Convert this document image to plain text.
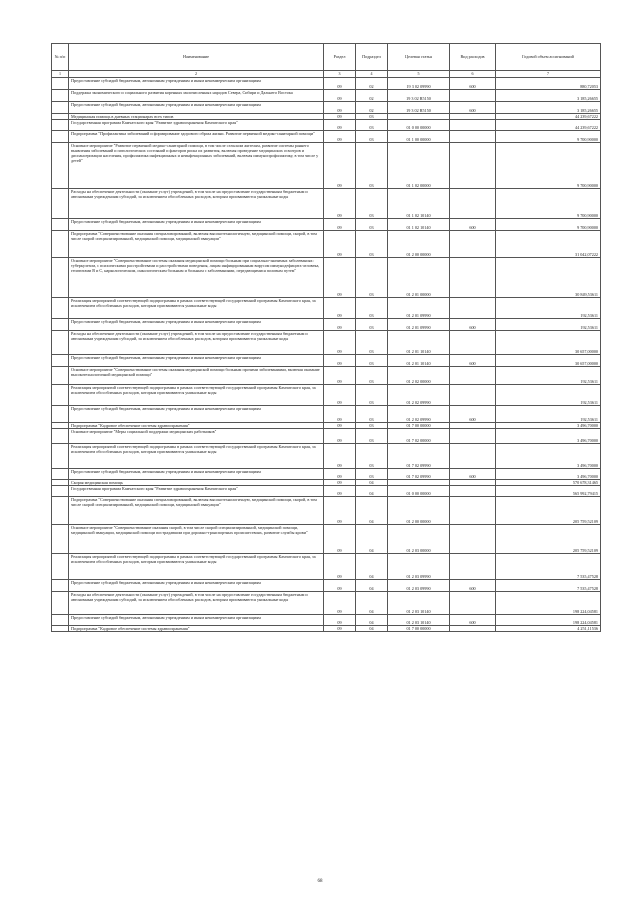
№ п/п	Наименование	Раздел	Подраздел	Целевая статья	Вид расходов	Годовой объем ассигнований
1	2	3	4	5	6	7
	Предоставление субсидий бюджетным, автономным учреждениям и иным некоммерческим организациям	09	02	19 3 02 09990	600	880,72053
	Поддержка экономического и социального развития коренных малочисленных народов Севера, Сибири и Дальнего Востока	09	02	19 3 02 R5150		3 185,26655
	Предоставление субсидий бюджетным, автономным учреждениям и иным некоммерческим организациям	09	02	19 3 02 R5150	600	3 185,26655
	Медицинская помощь в дневных стационарах всех типов	09	03			44 239,67222
	Государственная программа Камчатского края "Развитие здравоохранения Камчатского края"	09	03	01 0 00 00000		44 239,67222
	Подпрограмма "Профилактика заболеваний и формирование здорового образа жизни. Развитие первичной медико-санитарной помощи"	09	03	01 1 00 00000		9 700,90000
	Основное мероприятие "Развитие первичной медико-санитарной помощи, в том числе сельским жителям, развитие системы раннего выявления заболеваний и патологических состояний и факторов риска их развития, включая проведение медицинских осмотров и диспансеризации населения, профилактика инфекционных и неинфекционных заболеваний, включая иммунопрофилактику, в том числе у детей"	09	03	01 1 02 00000		9 700,90000
	Расходы на обеспечение деятельности (оказание услуг) учреждений, в том числе на предоставление государственным бюджетным и автономным учреждениям субсидий, за исключением обособленных расходов, которым присваиваются уникальные коды	09	03	01 1 02 10140		9 700,90000
	Предоставление субсидий бюджетным, автономным учреждениям и иным некоммерческим организациям	09	03	01 1 02 10140	600	9 700,90000
	Подпрограмма "Совершенствование оказания специализированной, включая высокотехнологичную, медицинской помощи, скорой, в том числе скорой специализированной, медицинской помощи, медицинской эвакуации"	09	03	01 2 00 00000		31 042,07222
	Основное мероприятие "Совершенствование системы оказания медицинской помощи больным при социально-значимых заболеваниях: туберкулезом, с психическими расстройствами и расстройствами поведения, лицам инфицированным вирусом иммунодефицита человека, гепатитами В и С, наркологическим, онкологическим больным и больным с заболеваниями, передающимися половым путем"	09	03	01 2 01 00000		30 849,53611
	Реализация мероприятий соответствующей подпрограммы в рамках соответствующей государственной программы Камчатского края, за исключением обособленных расходов, которым присваиваются уникальные коды	09	03	01 2 01 09990		192,53611
	Предоставление субсидий бюджетным, автономным учреждениям и иным некоммерческим организациям	09	03	01 2 01 09990	600	192,53611
	Расходы на обеспечение деятельности (оказание услуг) учреждений, в том числе на предоставление государственным бюджетным и автономным учреждениям субсидий, за исключением обособленных расходов, которым присваиваются уникальные коды	09	03	01 2 01 10140		30 657,00000
	Предоставление субсидий бюджетным, автономным учреждениям и иным некоммерческим организациям	09	03	01 2 01 10140	600	30 657,00000
	Основное мероприятие "Совершенствование системы оказания медицинской помощи больным прочими заболеваниями, включая оказание высокотехнологичной медицинской помощи"	09	03	01 2 02 00000		192,53611
	Реализация мероприятий соответствующей подпрограммы в рамках соответствующей государственной программы Камчатского края, за исключением обособленных расходов, которым присваиваются уникальные коды	09	03	01 2 02 09990		192,53611
	Предоставление субсидий бюджетным, автономным учреждениям и иным некоммерческим организациям	09	03	01 2 02 09990	600	192,53611
	Подпрограмма "Кадровое обеспечение системы здравоохранения"	09	03	01 7 00 00000		3 496,70000
	Основное мероприятие "Меры социальной поддержки медицинских работников"	09	03	01 7 02 00000		3 496,70000
	Реализация мероприятий соответствующей подпрограммы в рамках соответствующей государственной программы Камчатского края, за исключением обособленных расходов, которым присваиваются уникальные коды	09	03	01 7 02 09990		3 496,70000
	Предоставление субсидий бюджетным, автономным учреждениям и иным некоммерческим организациям	09	03	01 7 02 09990	600	3 496,70000
	Скорая медицинская помощь	09	04			570 678,31465
	Государственная программа Камчатского края "Развитие здравоохранения Камчатского края"	09	04	01 0 00 00000		565 992,79415
	Подпрограмма "Совершенствование оказания специализированной, включая высокотехнологичную, медицинской помощи, скорой, в том числе скорой специализированной, медицинской помощи, медицинской эвакуации"	09	04	01 2 00 00000		205 759,52109
	Основное мероприятие "Совершенствование оказания скорой, в том числе скорой специализированной, медицинской помощи, медицинской эвакуации, медицинской помощи пострадавшим при дорожно-транспортных происшествиях, развитие службы крови"	09	04	01 2 03 00000		205 759,52109
	Реализация мероприятий соответствующей подпрограммы в рамках соответствующей государственной программы Камчатского края, за исключением обособленных расходов, которым присваиваются уникальные коды	09	04	01 2 03 09990		7 535,47528
	Предоставление субсидий бюджетным, автономным учреждениям и иным некоммерческим организациям	09	04	01 2 03 09990	600	7 535,47528
	Расходы на обеспечение деятельности (оказание услуг) учреждений, в том числе на предоставление государственным бюджетным и автономным учреждениям субсидий, за исключением обособленных расходов, которым присваиваются уникальные коды	09	04	01 2 03 10140		198 224,04581
	Предоставление субсидий бюджетным, автономным учреждениям и иным некоммерческим организациям	09	04	01 2 03 10140	600	198 224,04581
	Подпрограмма "Кадровое обеспечение системы здравоохранения"	09	04	01 7 00 00000		4 251,11536
68
